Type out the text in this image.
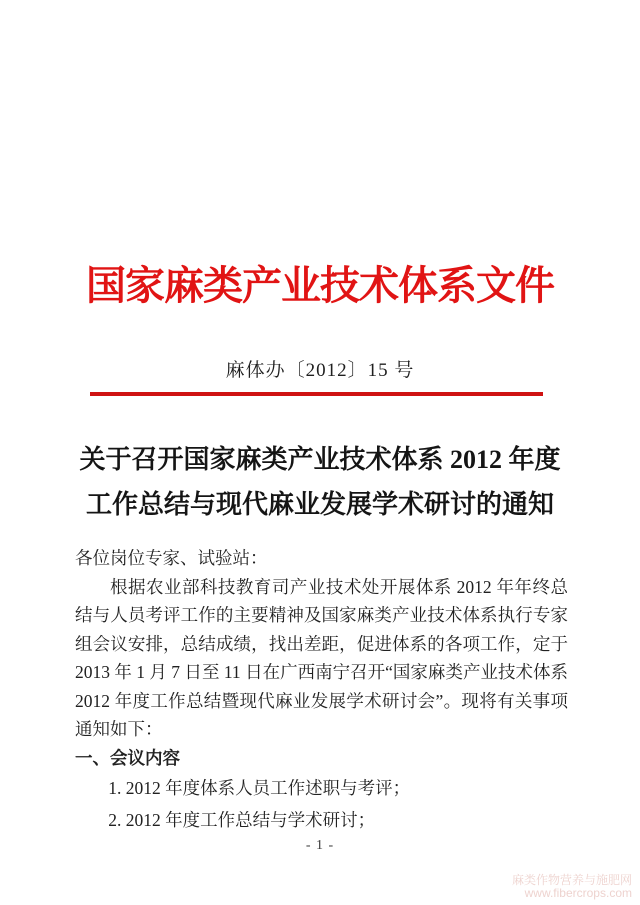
国家麻类产业技术体系文件
麻体办〔2012〕15 号
关于召开国家麻类产业技术体系 2012 年度
工作总结与现代麻业发展学术研讨的通知

各位岗位专家、试验站：

根据农业部科技教育司产业技术处开展体系 2012 年年终总结与人员考评工作的主要精神及国家麻类产业技术体系执行专家组会议安排，总结成绩，找出差距，促进体系的各项工作，定于 2013 年 1 月 7 日至 11 日在广西南宁召开“国家麻类产业技术体系 2012 年度工作总结暨现代麻业发展学术研讨会”。现将有关事项通知如下：

一、会议内容

1. 2012 年度体系人员工作述职与考评；

2. 2012 年度工作总结与学术研讨；

- 1 -
麻类作物营养与施肥网
www.fibercrops.com
